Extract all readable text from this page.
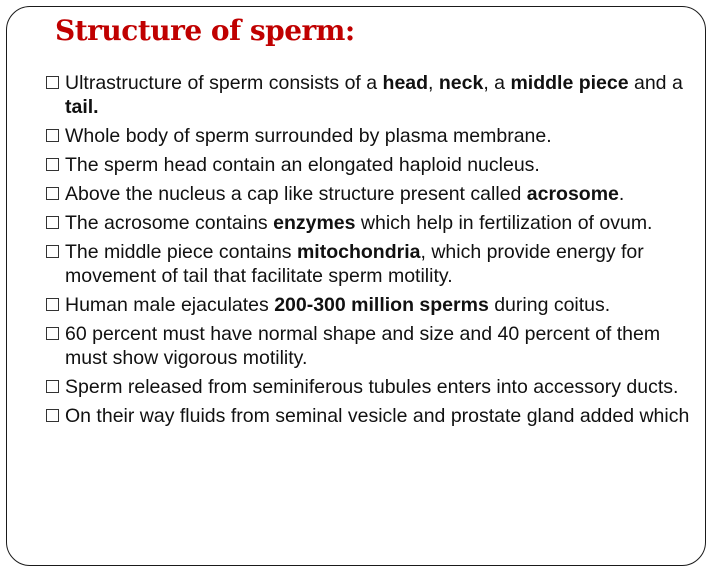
Structure of sperm:
Ultrastructure of sperm consists of a head, neck, a middle piece and a tail.
Whole body of sperm surrounded by plasma membrane.
The sperm head contain an elongated haploid nucleus.
Above the nucleus a cap like structure present called acrosome.
The acrosome contains enzymes which help in fertilization of ovum.
The middle piece contains mitochondria, which provide energy for movement of tail that facilitate sperm motility.
Human male ejaculates 200-300 million sperms during coitus.
60 percent must have normal shape and size and 40 percent of them must show vigorous motility.
Sperm released from seminiferous tubules enters into accessory ducts.
On their way fluids from seminal vesicle and prostate gland added which
